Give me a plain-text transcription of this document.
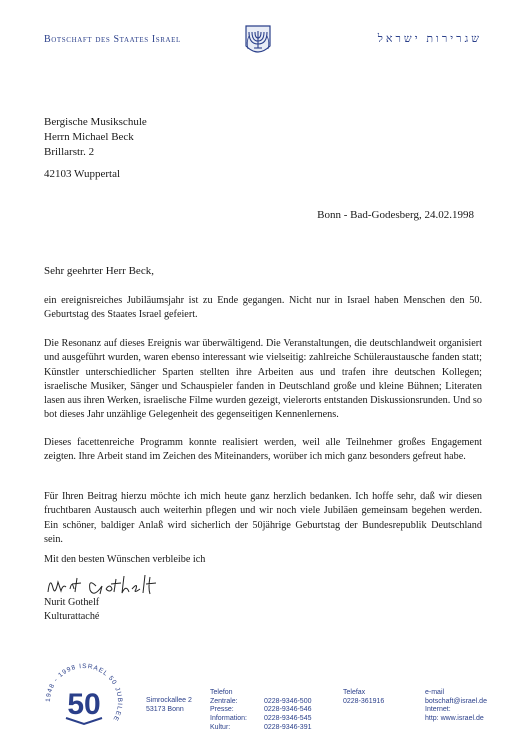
Botschaft des Staates Israel	שגרירות ישראל
Bergische Musikschule
Herrn Michael Beck
Brillarstr. 2
42103 Wuppertal
Bonn - Bad-Godesberg, 24.02.1998
Sehr geehrter Herr Beck,
ein ereignisreiches Jubiläumsjahr ist zu Ende gegangen. Nicht nur in Israel haben Menschen den 50. Geburtstag des Staates Israel gefeiert.
Die Resonanz auf dieses Ereignis war überwältigend. Die Veranstaltungen, die deutschlandweit organisiert und ausgeführt wurden, waren ebenso interessant wie vielseitig: zahlreiche Schüleraustausche fanden statt; Künstler unterschiedlicher Sparten stellten ihre Arbeiten aus und trafen ihre deutschen Kollegen; israelische Musiker, Sänger und Schauspieler fanden in Deutschland große und kleine Bühnen; Literaten lasen aus ihren Werken, israelische Filme wurden gezeigt, vielerorts entstanden Diskussionsrunden. Und so bot dieses Jahr unzählige Gelegenheit des gegenseitigen Kennenlernens.
Dieses facettenreiche Programm konnte realisiert werden, weil alle Teilnehmer großes Engagement zeigten. Ihre Arbeit stand im Zeichen des Miteinanders, worüber ich mich ganz besonders gefreut habe.
Für Ihren Beitrag hierzu möchte ich mich heute ganz herzlich bedanken. Ich hoffe sehr, daß wir diesen fruchtbaren Austausch auch weiterhin pflegen und wir noch viele Jubiläen gemeinsam begehen werden. Ein schöner, baldiger Anlaß wird sicherlich der 50jährige Geburtstag der Bundesrepublik Deutschland sein.
Mit den besten Wünschen verbleibe ich
Nurit Gothelf
Kulturattaché
1948 - 1998 ISRAEL 50 JUBILEE
50	Simrockallee 2
53173 Bonn
Telefon
Zentrale:	0228-9346-500
Presse:	0228-9346-546
Information:	0228-9346-545
Kultur:	0228-9346-391
Telefax
0228-361916
e-mail
botschaft@israel.de
Internet:
http: www.israel.de
